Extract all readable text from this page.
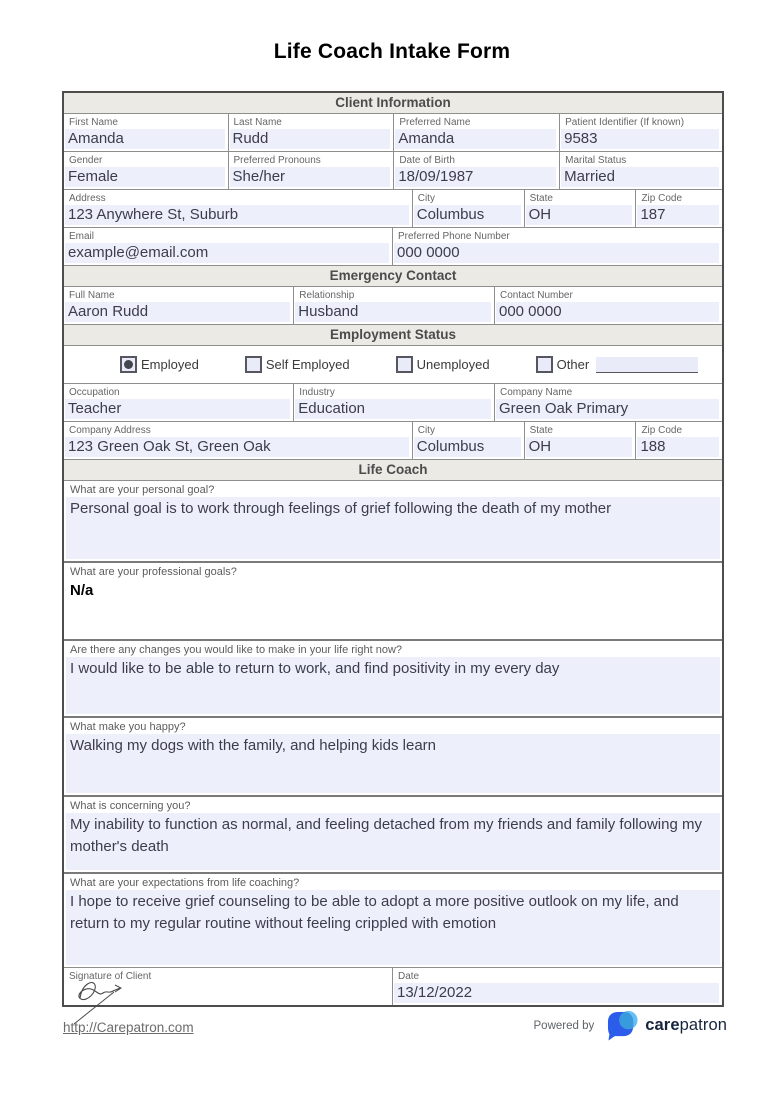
Life Coach Intake Form
Client Information
First Name
Amanda
Last Name
Rudd
Preferred Name
Amanda
Patient Identifier (If known)
9583
Gender
Female
Preferred Pronouns
She/her
Date of Birth
18/09/1987
Marital Status
Married
Address
123 Anywhere St, Suburb
City
Columbus
State
OH
Zip Code
187
Email
example@email.com
Preferred Phone Number
000 0000
Emergency Contact
Full Name
Aaron Rudd
Relationship
Husband
Contact Number
000 0000
Employment Status
Employed	Self Employed	Unemployed	Other
Occupation
Teacher
Industry
Education
Company Name
Green Oak Primary
Company Address
123 Green Oak St, Green Oak
City
Columbus
State
OH
Zip Code
188
Life Coach
What are your personal goal?
Personal goal is to work through feelings of grief following the death of my mother
What are your professional goals?
N/a
Are there any changes you would like to make in your life right now?
I would like to be able to return to work, and find positivity in my every day
What make you happy?
Walking my dogs with the family, and helping kids learn
What is concerning you?
My inability to function as normal, and feeling detached from my friends and family following my mother's death
What are your expectations from life coaching?
I hope to receive grief counseling to be able to adopt a more positive outlook on my life, and return to my regular routine without feeling crippled with emotion
Signature of Client	Date
13/12/2022
http://Carepatron.com	Powered by	carepatron
